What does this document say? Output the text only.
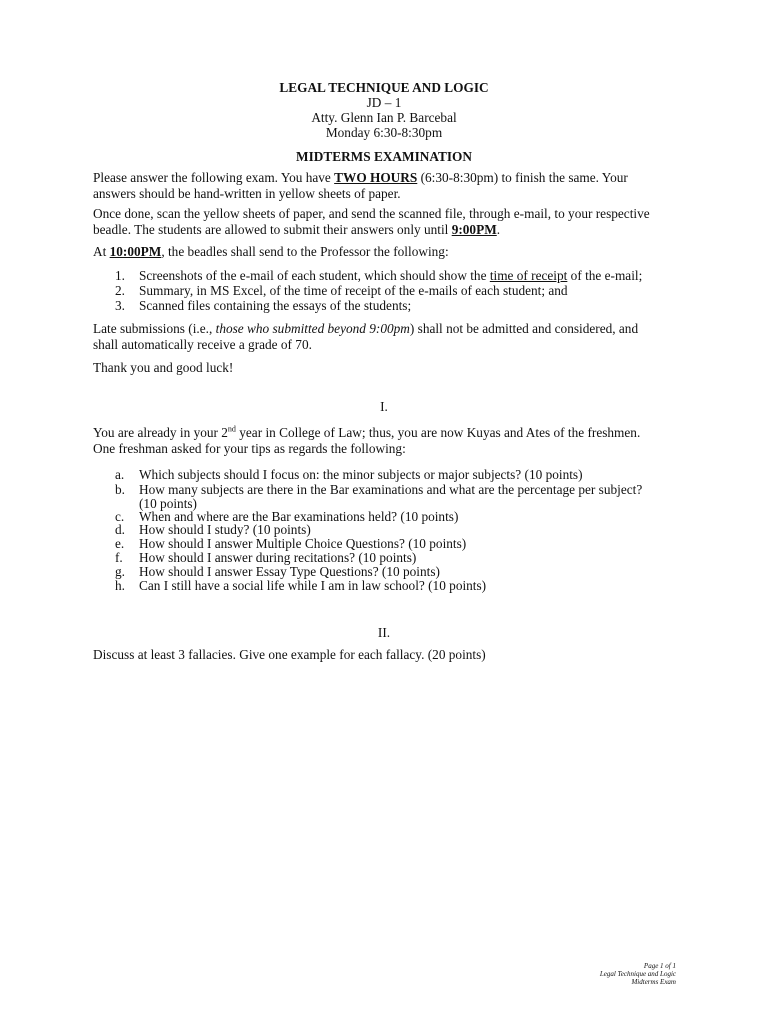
LEGAL TECHNIQUE AND LOGIC
JD – 1
Atty. Glenn Ian P. Barcebal
Monday 6:30-8:30pm
MIDTERMS EXAMINATION
Please answer the following exam. You have TWO HOURS (6:30-8:30pm) to finish the same. Your
answers should be hand-written in yellow sheets of paper.
Once done, scan the yellow sheets of paper, and send the scanned file, through e-mail, to your respective
beadle. The students are allowed to submit their answers only until 9:00PM.
At 10:00PM, the beadles shall send to the Professor the following:
1.	Screenshots of the e-mail of each student, which should show the time of receipt of the e-mail;
2.	Summary, in MS Excel, of the time of receipt of the e-mails of each student; and
3.	Scanned files containing the essays of the students;
Late submissions (i.e., those who submitted beyond 9:00pm) shall not be admitted and considered, and
shall automatically receive a grade of 70.
Thank you and good luck!
I.
You are already in your 2nd year in College of Law; thus, you are now Kuyas and Ates of the freshmen.
One freshman asked for your tips as regards the following:
a.	Which subjects should I focus on: the minor subjects or major subjects? (10 points)
b.	How many subjects are there in the Bar examinations and what are the percentage per subject?
(10 points)
c.	When and where are the Bar examinations held? (10 points)
d.	How should I study? (10 points)
e.	How should I answer Multiple Choice Questions? (10 points)
f.	How should I answer during recitations? (10 points)
g.	How should I answer Essay Type Questions? (10 points)
h.	Can I still have a social life while I am in law school? (10 points)
II.
Discuss at least 3 fallacies. Give one example for each fallacy. (20 points)
Page 1 of 1
Legal Technique and Logic
Midterms Exam
